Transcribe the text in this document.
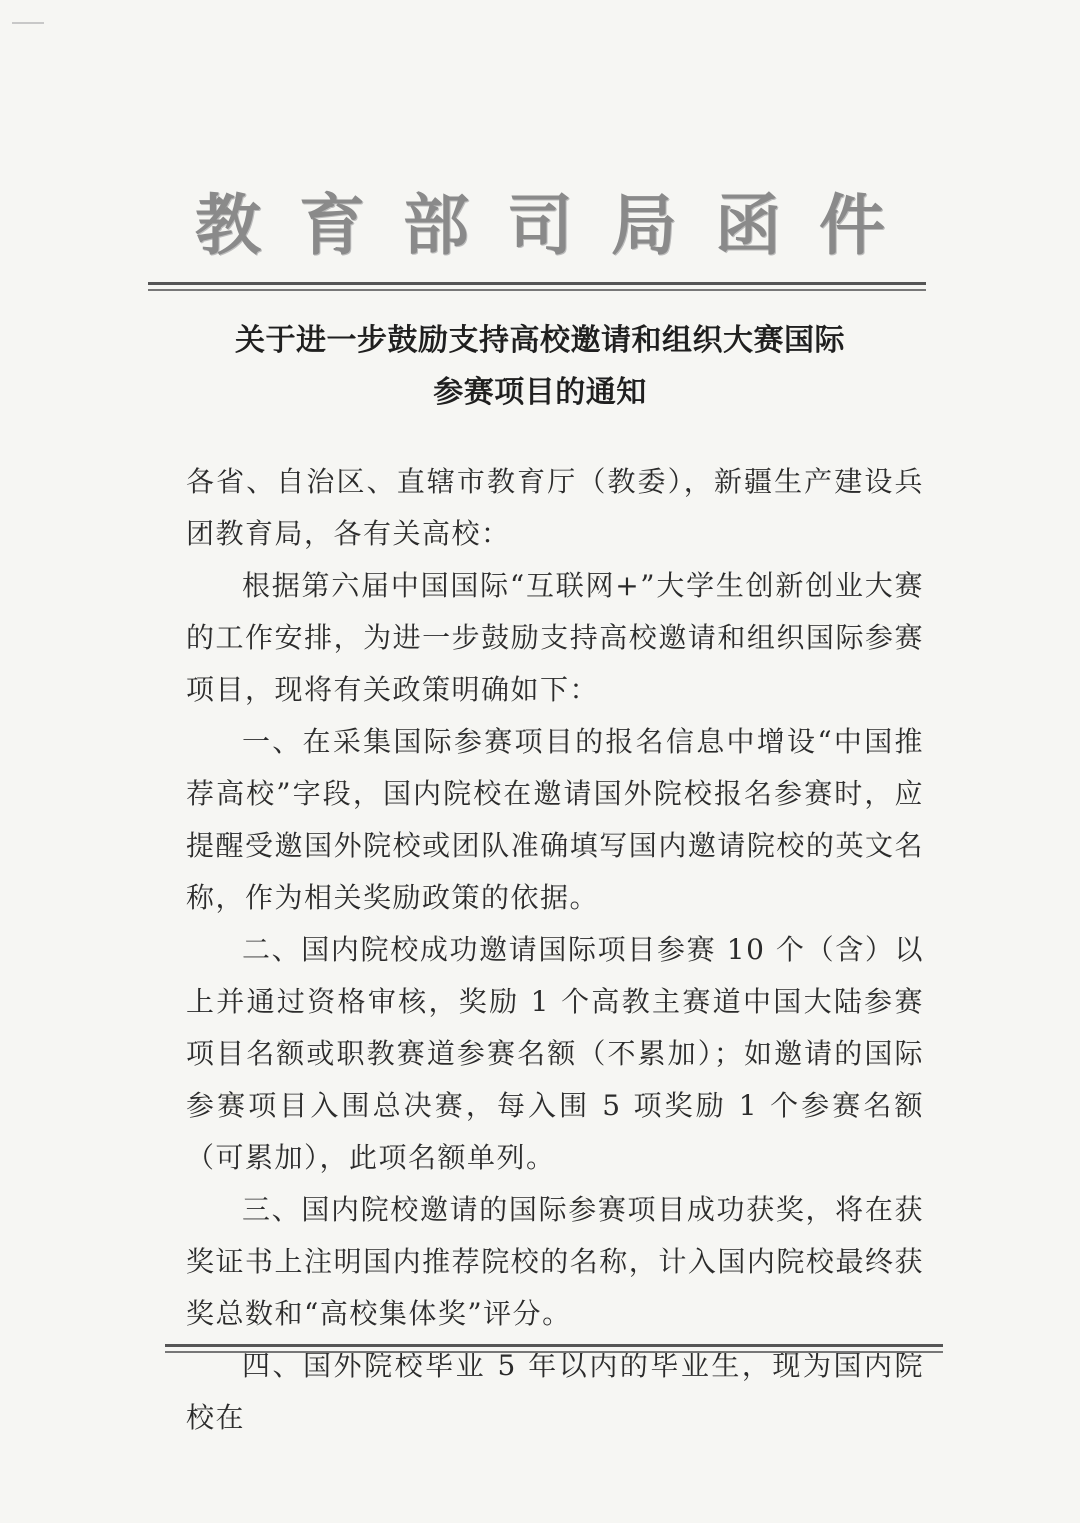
教 育 部 司 局 函 件
关于进一步鼓励支持高校邀请和组织大赛国际
参赛项目的通知

各省、自治区、直辖市教育厅（教委），新疆生产建设兵团教育局，各有关高校：

根据第六届中国国际“互联网+”大学生创新创业大赛的工作安排，为进一步鼓励支持高校邀请和组织国际参赛项目，现将有关政策明确如下：

一、在采集国际参赛项目的报名信息中增设“中国推荐高校”字段，国内院校在邀请国外院校报名参赛时，应提醒受邀国外院校或团队准确填写国内邀请院校的英文名称，作为相关奖励政策的依据。

二、国内院校成功邀请国际项目参赛 10 个（含）以上并通过资格审核，奖励 1 个高教主赛道中国大陆参赛项目名额或职教赛道参赛名额（不累加）；如邀请的国际参赛项目入围总决赛，每入围 5 项奖励 1 个参赛名额（可累加），此项名额单列。

三、国内院校邀请的国际参赛项目成功获奖，将在获奖证书上注明国内推荐院校的名称，计入国内院校最终获奖总数和“高校集体奖”评分。

四、国外院校毕业 5 年以内的毕业生，现为国内院校在
